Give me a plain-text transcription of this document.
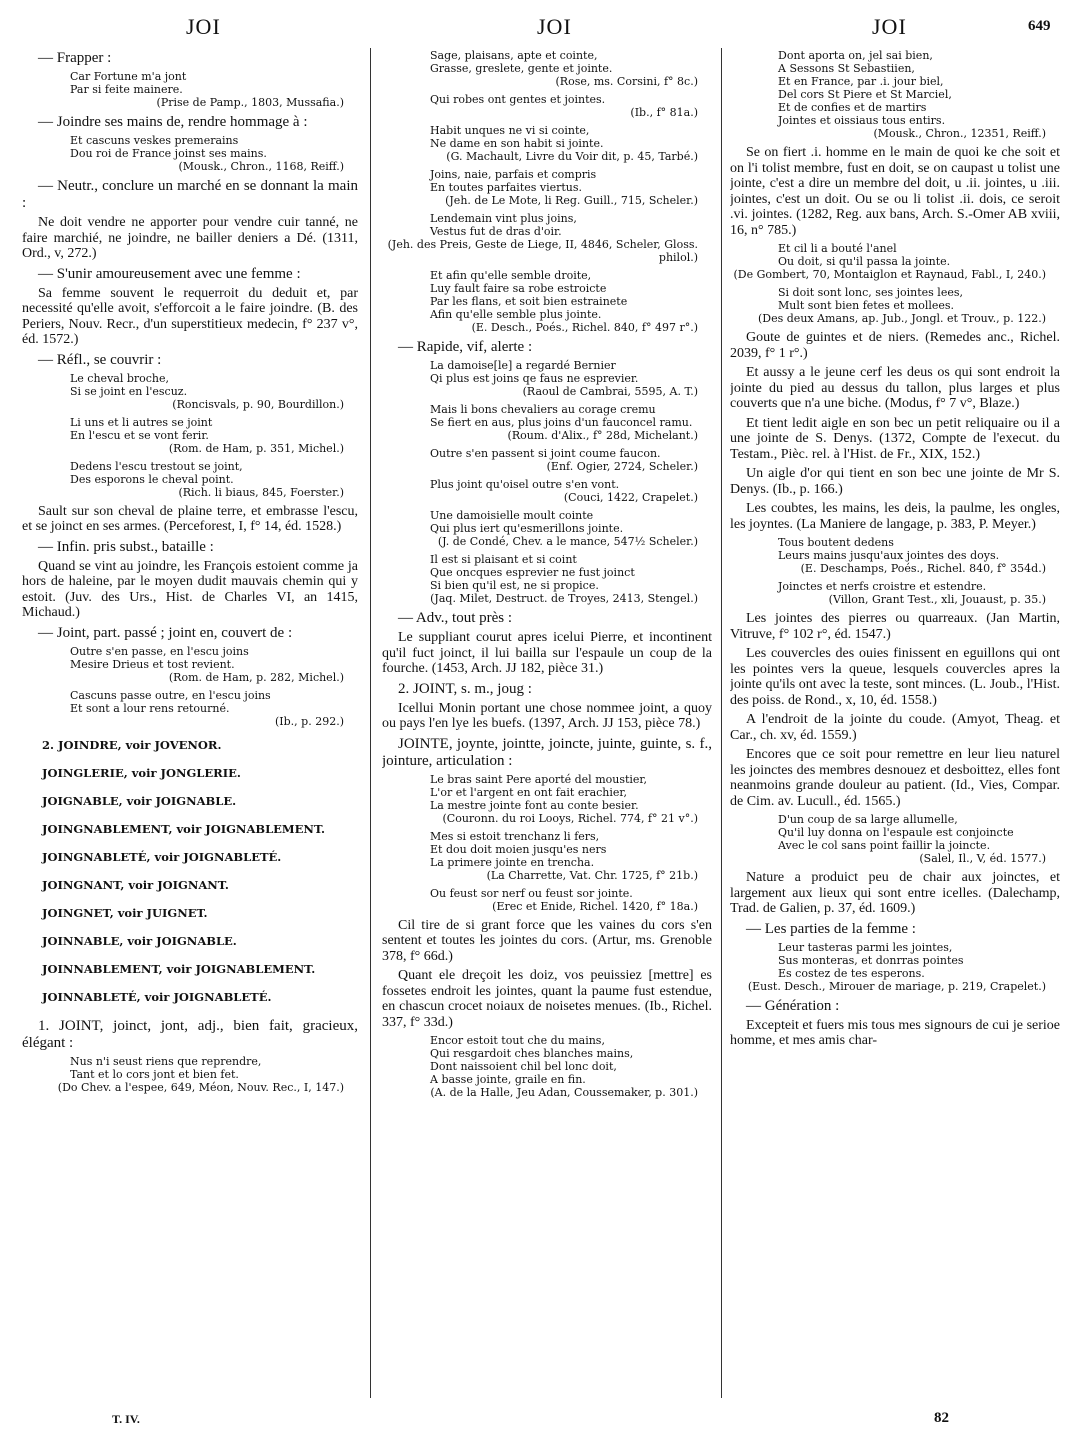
JOI	JOI	JOI	649
— Frapper :
Car Fortune m'a jont
Par si feite mainere.
(Prise de Pamp., 1803, Mussafia.)
— Joindre ses mains de, rendre hommage à :
Et cascuns veskes premerains
Dou roi de France joinst ses mains.
(Mousk., Chron., 1168, Reiff.)
— Neutr., conclure un marché en se donnant la main :
Ne doit vendre ne apporter pour vendre cuir tanné, ne faire marchié, ne joindre, ne bailler deniers a Dé. (1311, Ord., v, 272.)
— S'unir amoureusement avec une femme :
Sa femme souvent le requerroit du deduit et, par necessité qu'elle avoit, s'efforcoit a le faire joindre. (B. des Periers, Nouv. Recr., d'un superstitieux medecin, f° 237 v°, éd. 1572.)
— Réfl., se couvrir :
Le cheval broche,
Si se joint en l'escuz.
(Roncisvals, p. 90, Bourdillon.)
Li uns et li autres se joint
En l'escu et se vont ferir.
(Rom. de Ham, p. 351, Michel.)
Dedens l'escu trestout se joint,
Des esporons le cheval point.
(Rich. li biaus, 845, Foerster.)
Sault sur son cheval de plaine terre, et embrasse l'escu, et se joinct en ses armes. (Perceforest, I, f° 14, éd. 1528.)
— Infin. pris subst., bataille :
Quand se vint au joindre, les François estoient comme ja hors de haleine, par le moyen dudit mauvais chemin qui y estoit. (Juv. des Urs., Hist. de Charles VI, an 1415, Michaud.)
— Joint, part. passé ; joint en, couvert de :
Outre s'en passe, en l'escu joins
Mesire Drieus et tost revient.
(Rom. de Ham, p. 282, Michel.)
Cascuns passe outre, en l'escu joins
Et sont a lour rens retourné.
(Ib., p. 292.)
2. JOINDRE, voir JOVENOR.
JOINGLERIE, voir JONGLERIE.
JOIGNABLE, voir JOIGNABLE.
JOINGNABLEMENT, voir JOIGNABLEMENT.
JOINGNABLETÉ, voir JOIGNABLETÉ.
JOINGNANT, voir JOIGNANT.
JOINGNET, voir JUIGNET.
JOINNABLE, voir JOIGNABLE.
JOINNABLEMENT, voir JOIGNABLEMENT.
JOINNABLETÉ, voir JOIGNABLETÉ.
1. JOINT, joinct, jont, adj., bien fait, gracieux, élégant :
Nus n'i seust riens que reprendre,
Tant et lo cors jont et bien fet.
(Do Chev. a l'espee, 649, Méon, Nouv. Rec., I, 147.)
Sage, plaisans, apte et cointe,
Grasse, greslete, gente et jointe.
(Rose, ms. Corsini, f° 8c.)
Qui robes ont gentes et jointes.
(Ib., f° 81a.)
Habit unques ne vi si cointe,
Ne dame en son habit si jointe.
(G. Machault, Livre du Voir dit, p. 45, Tarbé.)
Joins, naie, parfais et compris
En toutes parfaites viertus.
(Jeh. de Le Mote, li Reg. Guill., 715, Scheler.)
Lendemain vint plus joins,
Vestus fut de dras d'oir.
(Jeh. des Preis, Geste de Liege, II, 4846, Scheler, Gloss. philol.)
Et afin qu'elle semble droite,
Luy fault faire sa robe estroicte
Par les flans, et soit bien estrainete
Afin qu'elle semble plus jointe.
(E. Desch., Poés., Richel. 840, f° 497 r°.)
— Rapide, vif, alerte :
La damoise[le] a regardé Bernier
Qi plus est joins qe faus ne esprevier.
(Raoul de Cambrai, 5595, A. T.)
Mais li bons chevaliers au corage cremu
Se fiert en aus, plus joins d'un fauconcel ramu.
(Roum. d'Alix., f° 28d, Michelant.)
Outre s'en passent si joint coume faucon.
(Enf. Ogier, 2724, Scheler.)
Plus joint qu'oisel outre s'en vont.
(Couci, 1422, Crapelet.)
Une damoisielle moult cointe
Qui plus iert qu'esmerillons jointe.
(J. de Condé, Chev. a le mance, 547½ Scheler.)
Il est si plaisant et si coint
Que oncques esprevier ne fust joinct
Si bien qu'il est, ne si propice.
(Jaq. Milet, Destruct. de Troyes, 2413, Stengel.)
— Adv., tout près :
Le suppliant courut apres icelui Pierre, et incontinent qu'il fuct joinct, il lui bailla sur l'espaule un coup de la fourche. (1453, Arch. JJ 182, pièce 31.)
2. JOINT, s. m., joug :
Icellui Monin portant une chose nommee joint, a quoy ou pays l'en lye les buefs. (1397, Arch. JJ 153, pièce 78.)
JOINTE, joynte, jointte, joincte, juinte, guinte, s. f., jointure, articulation :
Le bras saint Pere aporté del moustier,
L'or et l'argent en ont fait erachier,
La mestre jointe font au conte besier.
(Couronn. du roi Looys, Richel. 774, f° 21 v°.)
Mes si estoit trenchanz li fers,
Et dou doit moien jusqu'es ners
La primere jointe en trencha.
(La Charrette, Vat. Chr. 1725, f° 21b.)
Ou feust sor nerf ou feust sor jointe.
(Erec et Enide, Richel. 1420, f° 18a.)
Cil tire de si grant force que les vaines du cors s'en sentent et toutes les jointes du cors. (Artur, ms. Grenoble 378, f° 66d.)
Quant ele dreçoit les doiz, vos peuissiez [mettre] es fossetes endroit les jointes, quant la paume fust estendue, en chascun crocet noiaux de noisetes menues. (Ib., Richel. 337, f° 33d.)
Encor estoit tout che du mains,
Qui resgardoit ches blanches mains,
Dont naissoient chil bel lonc doit,
A basse jointe, graile en fin.
(A. de la Halle, Jeu Adan, Coussemaker, p. 301.)
Dont aporta on, jel sai bien,
A Sessons St Sebastiien,
Et en France, par .i. jour biel,
Del cors St Piere et St Marciel,
Et de confies et de martirs
Jointes et oissiaus tous entirs.
(Mousk., Chron., 12351, Reiff.)
Se on fiert .i. homme en le main de quoi ke che soit et on l'i tolist membre, fust en doit, se on caupast u tolist une jointe, c'est a dire un membre del doit, u .ii. jointes, u .iii. jointes, c'est un doit. Ou se ou li tolist .ii. dois, ce seroit .vi. jointes. (1282, Reg. aux bans, Arch. S.-Omer AB xviii, 16, n° 785.)
Et cil li a bouté l'anel
Ou doit, si qu'il passa la jointe.
(De Gombert, 70, Montaiglon et Raynaud, Fabl., I, 240.)
Si doit sont lonc, ses jointes lees,
Mult sont bien fetes et mollees.
(Des deux Amans, ap. Jub., Jongl. et Trouv., p. 122.)
Goute de guintes et de niers. (Remedes anc., Richel. 2039, f° 1 r°.)
Et aussy a le jeune cerf les deus os qui sont endroit la jointe du pied au dessus du tallon, plus larges et plus couverts que n'a une biche. (Modus, f° 7 v°, Blaze.)
Et tient ledit aigle en son bec un petit reliquaire ou il a une jointe de S. Denys. (1372, Compte de l'execut. du Testam., Pièc. rel. à l'Hist. de Fr., XIX, 152.)
Un aigle d'or qui tient en son bec une jointe de Mr S. Denys. (Ib., p. 166.)
Les coubtes, les mains, les deis, la paulme, les ongles, les joyntes. (La Maniere de langage, p. 383, P. Meyer.)
Tous boutent dedens
Leurs mains jusqu'aux jointes des doys.
(E. Deschamps, Poés., Richel. 840, f° 354d.)
Joinctes et nerfs croistre et estendre.
(Villon, Grant Test., xli, Jouaust, p. 35.)
Les jointes des pierres ou quarreaux. (Jan Martin, Vitruve, f° 102 r°, éd. 1547.)
Les couvercles des ouies finissent en eguillons qui ont les pointes vers la queue, lesquels couvercles apres la jointe qu'ils ont avec la teste, sont minces. (L. Joub., l'Hist. des poiss. de Rond., x, 10, éd. 1558.)
A l'endroit de la jointe du coude. (Amyot, Theag. et Car., ch. xv, éd. 1559.)
Encores que ce soit pour remettre en leur lieu naturel les joinctes des membres desnouez et desboittez, elles font neanmoins grande douleur au patient. (Id., Vies, Compar. de Cim. av. Lucull., éd. 1565.)
D'un coup de sa large allumelle,
Qu'il luy donna on l'espaule est conjoincte
Avec le col sans point faillir la joincte.
(Salel, Il., V, éd. 1577.)
Nature a produict peu de chair aux joinctes, et largement aux lieux qui sont entre icelles. (Dalechamp, Trad. de Galien, p. 37, éd. 1609.)
— Les parties de la femme :
Leur tasteras parmi les jointes,
Sus monteras, et donrras pointes
Es costez de tes esperons.
(Eust. Desch., Mirouer de mariage, p. 219, Crapelet.)
— Génération :
Excepteit et fuers mis tous mes signours de cui je serioe homme, et mes amis char-
T. IV.	82
